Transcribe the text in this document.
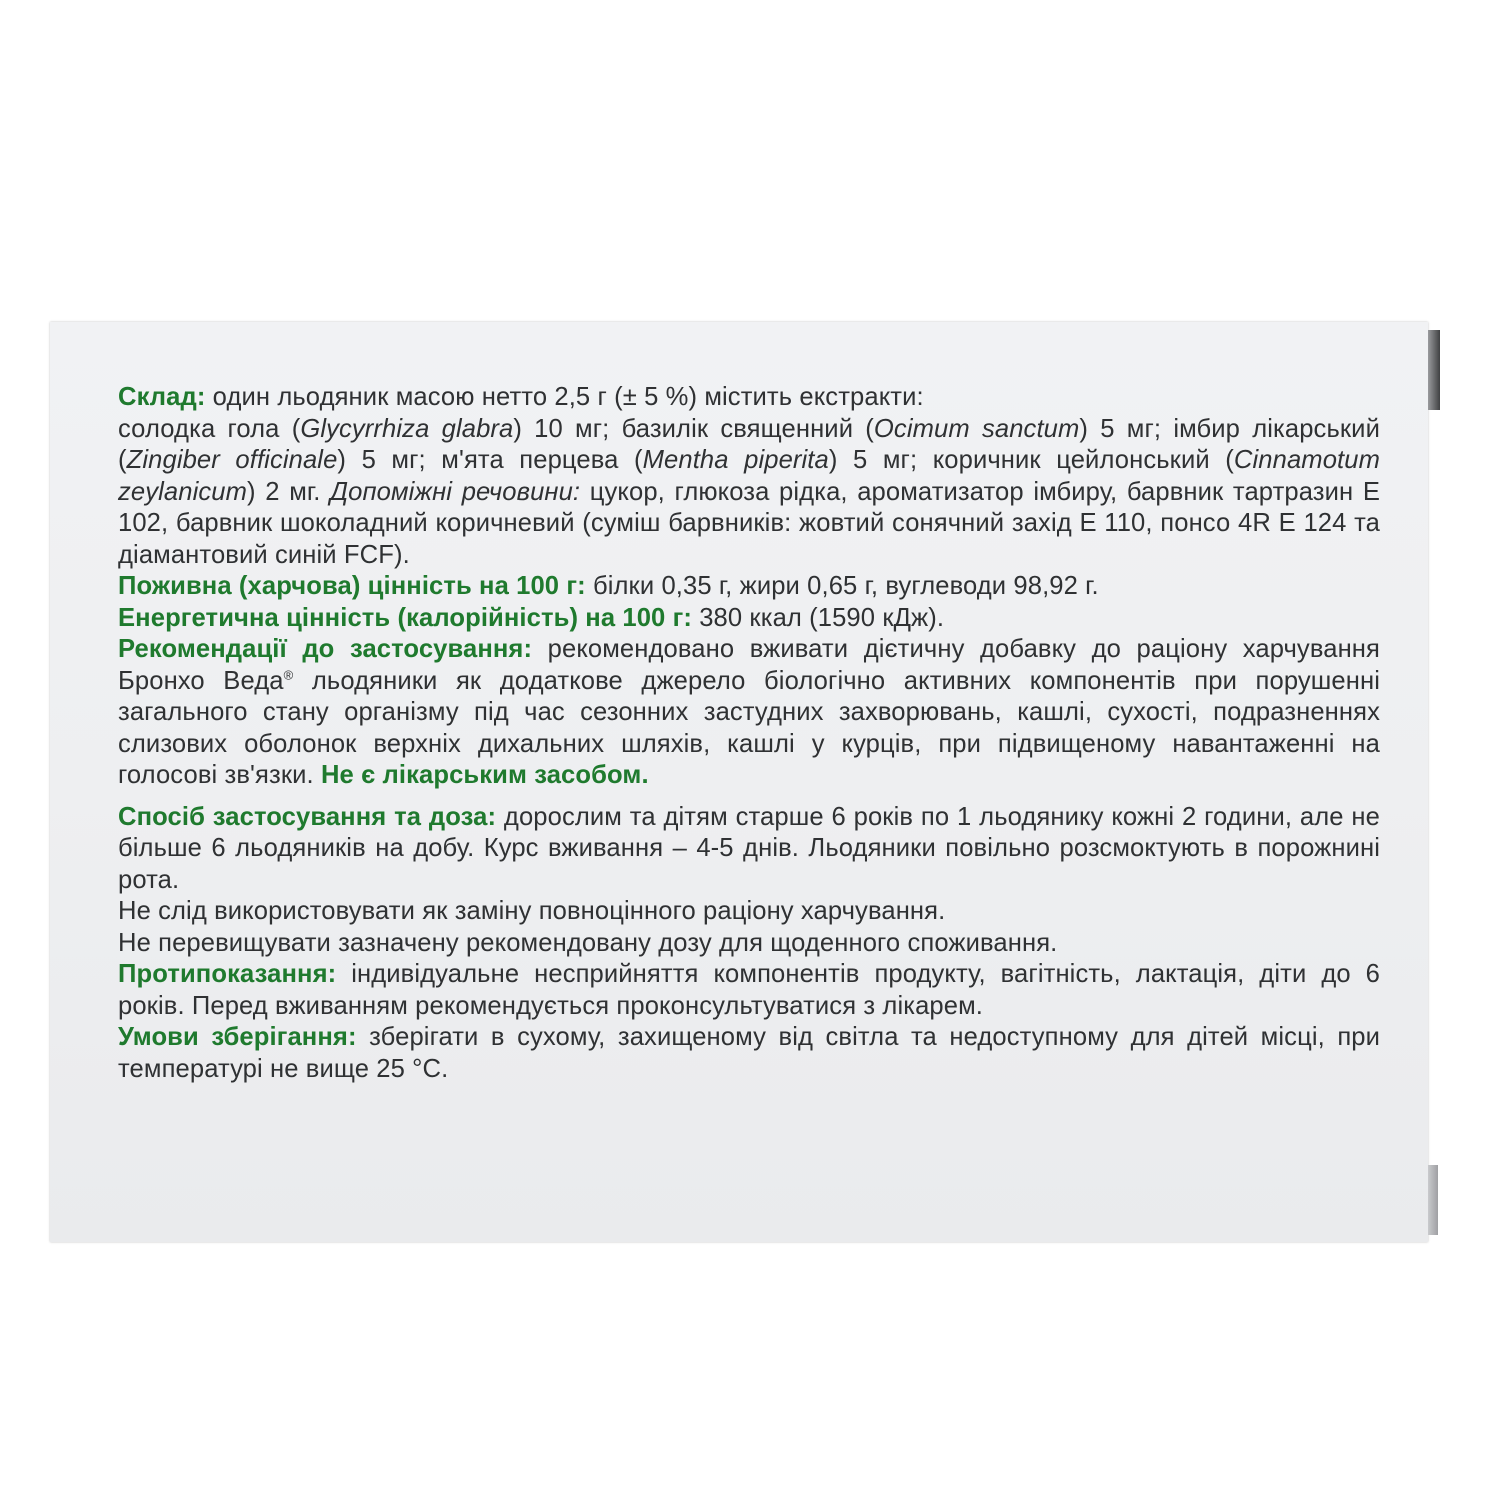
Склад: один льодяник масою нетто 2,5 г (± 5 %) містить екстракти:
солодка гола (Glycyrrhiza glabra) 10 мг; базилік священний (Ocimum sanctum) 5 мг; імбир лікарський (Zingiber officinale) 5 мг; м'ята перцева (Mentha piperita) 5 мг; коричник цейлонський (Cinnamotum zeylanicum) 2 мг. Допоміжні речовини: цукор, глюкоза рідка, ароматизатор імбиру, барвник тартразин Е 102, барвник шоколадний коричневий (суміш барвників: жовтий сонячний захід Е 110, понсо 4R Е 124 та діамантовий синій FCF).

Поживна (харчова) цінність на 100 г: білки 0,35 г, жири 0,65 г, вуглеводи 98,92 г.

Енергетична цінність (калорійність) на 100 г: 380 ккал (1590 кДж).

Рекомендації до застосування: рекомендовано вживати дієтичну добавку до раціону харчування Бронхо Веда® льодяники як додаткове джерело біологічно активних компонентів при порушенні загального стану організму під час сезонних застудних захворювань, кашлі, сухості, подразненнях слизових оболонок верхніх дихальних шляхів, кашлі у курців, при підвищеному навантаженні на голосові зв'язки. Не є лікарським засобом.

Спосіб застосування та доза: дорослим та дітям старше 6 років по 1 льодянику кожні 2 години, але не більше 6 льодяників на добу. Курс вживання – 4-5 днів. Льодяники повільно розсмоктують в порожнині рота.

Не слід використовувати як заміну повноцінного раціону харчування.

Не перевищувати зазначену рекомендовану дозу для щоденного споживання.

Протипоказання: індивідуальне несприйняття компонентів продукту, вагітність, лактація, діти до 6 років. Перед вживанням рекомендується проконсультуватися з лікарем.

Умови зберігання: зберігати в сухому, захищеному від світла та недоступному для дітей місці, при температурі не вище 25 °С.
